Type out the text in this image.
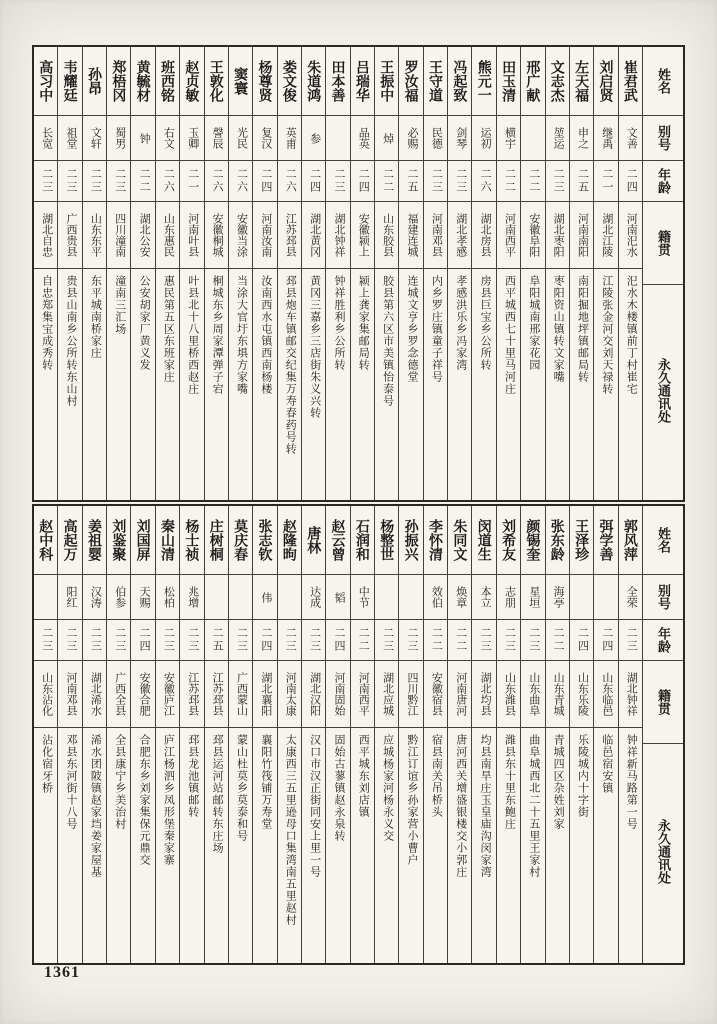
高习中
长宽
二三
湖北自忠
自忠郑集宝成秀转
韦耀廷
祖堂
二三
广西贵县
贵县山南乡公所转东山村
孙昂
文轩
二三
山东东平
东平城南桥家庄
郑梧冈
蜀男
二三
四川潼南
潼南三汇场
黄毓材
钟
二二
湖北公安
公安胡家厂黄义发
班西铭
右文
二六
山东惠民
惠民第五区东班家庄
赵贞敏
玉卿
二一
河南叶县
叶县北十八里桥西赵庄
王敦化
謦辰
二六
安徽桐城
桐城东乡周家潭弹子宕
窦寰
光民
二六
安徽当涂
当涂大官圩东埧方家嘴
杨尊贤
复汉
二四
河南汝南
汝南西水屯镇西南杨楼
娄文俊
英甫
二六
江苏邳县
邳县炮车镇邮交纪集万寿春药号转
朱道鸿
参
二四
湖北黄冈
黄冈三嘉乡三店街朱义兴转
田本善
二三
湖北钟祥
钟祥胜利乡公所转
吕瑞华
品英
二四
安徽颍上
颍上龚家集邮局转
王振中
焯
二二
山东胶县
胶县第六区市美镇怡泰号
罗汝福
必赐
二五
福建连城
连城文亨乡罗念德堂
王守道
民德
二三
河南邓县
内乡罗庄镇童子祥号
冯起致
剑琴
二三
湖北孝感
孝感洪乐乡冯家湾
熊元一
运初
二六
湖北房县
房县巨宝乡公所转
田玉清
横宇
二二
河南西平
西平城西七十里马河庄
邢广献
二二
安徽阜阳
阜阳城南邢家花园
文志杰
堃运
二三
湖北枣阳
枣阳资山镇转文家嘴
左天福
申之
二五
河南南阳
南阳掘地坪镇邮局转
刘启贤
继禹
二一
湖北江陵
江陵张金河交刘天禄转
崔君武
文善
二四
河南汜水
汜水木楼镇前丁村崔宅
姓名
别号
年龄
籍贯
永久通讯处
赵中科
二三
山东沾化
沾化宿牙桥
高起万
阳红
二三
河南邓县
邓县东河街十八号
姜祖婴
汉涛
二三
湖北浠水
浠水团陂镇赵家垱姜家屋基
刘鉴聚
伯参
二三
广西全县
全县康宁乡美治村
刘国屏
天赐
二四
安徽合肥
合肥东乡刘家集保元鼎交
秦山清
松柏
二三
安徽庐江
庐江杨泗乡凤形堡秦家寨
杨士祯
兆增
二三
江苏邳县
邳县龙池镇邮转
庄树桐
二五
江苏邳县
邳县运河站邮转东庄场
莫庆春
二三
广西蒙山
蒙山杜莫乡莫泰和号
张志钦
伟
二四
湖北襄阳
襄阳竹筏铺万寿堂
赵隆昫
二三
河南太康
太康西三五里逊母口集湾南五里赵村
唐林
达成
二三
湖北汉阳
汉口市汉正街同安上里一号
赵云曾
韬
二四
河南固始
固始古蓼镇赵永泉转
石润和
中节
二二
河南西平
西平城东刘店镇
杨整世
二三
湖北应城
应城杨家河杨永义交
孙振兴
二三
四川黔江
黔江订谊乡孙家营小曹户
李怀清
效伯
二二
安徽宿县
宿县南关吊桥头
朱同文
焕章
二二
河南唐河
唐河西关增盛银楼交小郭庄
闵道生
本立
二三
湖北均县
均县南旱庄玉皇庙沟闵家湾
刘希友
志朋
二三
山东潍县
潍县东十里东鲍庄
颜锡奎
星垣
二三
山东曲阜
曲阜城西北二十五里王家村
张东龄
海亭
二二
山东青城
青城四区杂姓刘家
王泽珍
二四
山东乐陵
乐陵城内十字街
弭学善
二四
山东临邑
临邑宿安镇
郭风萍
全荣
二三
湖北钟祥
钟祥新马路第一号
姓名
别号
年龄
籍贯
永久通讯处
1361
